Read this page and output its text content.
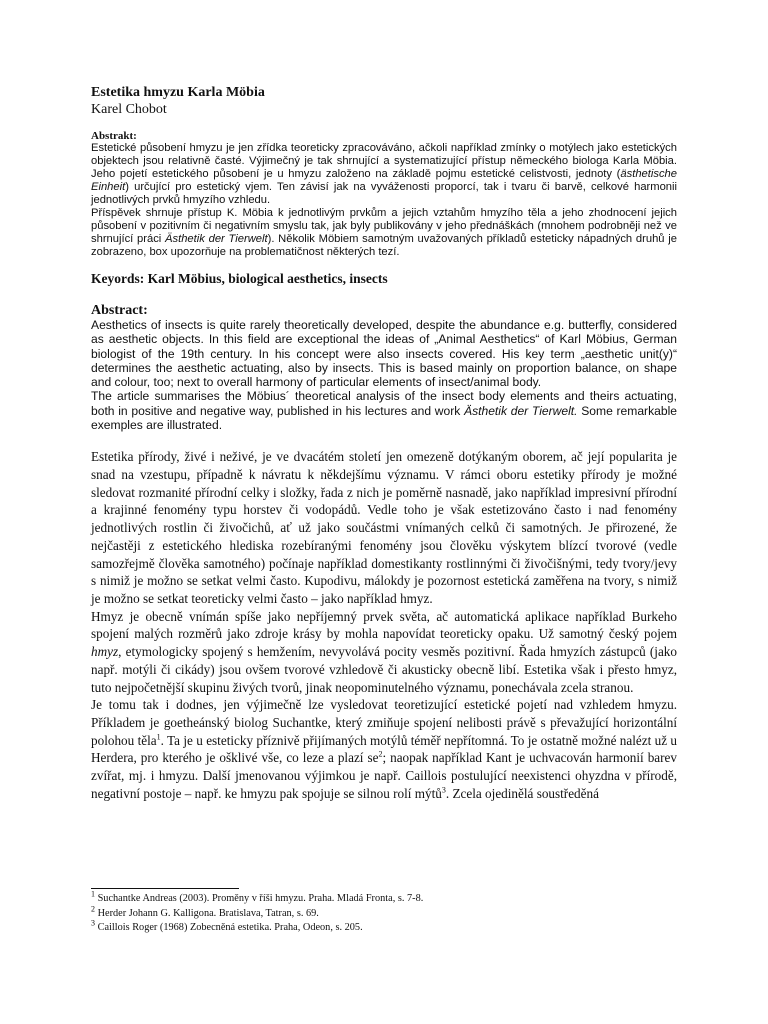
Estetika hmyzu Karla Möbia
Karel Chobot
Abstrakt:

Estetické působení hmyzu je jen zřídka teoreticky zpracováváno, ačkoli například zmínky o motýlech jako estetických objektech jsou relativně časté. Výjimečný je tak shrnující a systematizující přístup německého biologa Karla Möbia. Jeho pojetí estetického působení je u hmyzu založeno na základě pojmu estetické celistvosti, jednoty (ästhetische Einheit) určující pro estetický vjem. Ten závisí jak na vyváženosti proporcí, tak i tvaru či barvě, celkové harmonii jednotlivých prvků hmyzího vzhledu.

Příspěvek shrnuje přístup K. Möbia k jednotlivým prvkům a jejich vztahům hmyzího těla a jeho zhodnocení jejich působení v pozitivním či negativním smyslu tak, jak byly publikovány v jeho přednáškách (mnohem podrobněji než ve shrnující práci Ästhetik der Tierwelt). Několik Möbiem samotným uvažovaných příkladů esteticky nápadných druhů je zobrazeno, box upozorňuje na problematičnost některých tezí.

Keyords: Karl Möbius, biological aesthetics, insects
Abstract:

Aesthetics of insects is quite rarely theoretically developed, despite the abundance e.g. butterfly, considered as aesthetic objects. In this field are exceptional the ideas of „Animal Aesthetics“ of Karl Möbius, German biologist of the 19th century. In his concept were also insects covered. His key term „aesthetic unit(y)“ determines the aesthetic actuating, also by insects. This is based mainly on proportion balance, on shape and colour, too; next to overall harmony of particular elements of insect/animal body.

The article summarises the Möbius´ theoretical analysis of the insect body elements and theirs actuating, both in positive and negative way, published in his lectures and work Ästhetik der Tierwelt. Some remarkable exemples are illustrated.

Estetika přírody, živé i neživé, je ve dvacátém století jen omezeně dotýkaným oborem, ač její popularita je snad na vzestupu, případně k návratu k někdejšímu významu. V rámci oboru estetiky přírody je možné sledovat rozmanité přírodní celky i složky, řada z nich je poměrně nasnadě, jako například impresivní přírodní a krajinné fenomény typu horstev či vodopádů. Vedle toho je však estetizováno často i nad fenomény jednotlivých rostlin či živočichů, ať už jako součástmi vnímaných celků či samotných. Je přirozené, že nejčastěji z estetického hlediska rozebíranými fenomény jsou člověku výskytem blízcí tvorové (vedle samozřejmě člověka samotného) počínaje například domestikanty rostlinnými či živočišnými, tedy tvory/jevy s nimiž je možno se setkat velmi často. Kupodivu, málokdy je pozornost estetická zaměřena na tvory, s nimiž je možno se setkat teoreticky velmi často – jako například hmyz.

Hmyz je obecně vnímán spíše jako nepříjemný prvek světa, ač automatická aplikace například Burkeho spojení malých rozměrů jako zdroje krásy by mohla napovídat teoreticky opaku. Už samotný český pojem hmyz, etymologicky spojený s hemžením, nevyvolává pocity vesměs pozitivní. Řada hmyzích zástupců (jako např. motýli či cikády) jsou ovšem tvorové vzhledově či akusticky obecně libí. Estetika však i přesto hmyz, tuto nejpočetnější skupinu živých tvorů, jinak neopominutelného významu, ponechávala zcela stranou.

Je tomu tak i dodnes, jen výjimečně lze vysledovat teoretizující estetické pojetí nad vzhledem hmyzu. Příkladem je goetheánský biolog Suchantke, který zmiňuje spojení nelibosti právě s převažující horizontální polohou těla$^1$. Ta je u esteticky příznivě přijímaných motýlů téměř nepřítomná. To je ostatně možné nalézt už u Herdera, pro kterého je ošklivé vše, co leze a plazí $se^2$; naopak například Kant je uchvacován harmonií barev zvířat, mj. i hmyzu. Další jmenovanou výjimkou je např. Caillois postulující neexistenci ohyzdna v přírodě, negativní postoje – např. ke hmyzu pak spojuje se silnou rolí mýtů$^3$. Zcela ojedinělá soustředěná

$^1$ Suchantke Andreas (2003). Proměny v říši hmyzu. Praha. Mladá Fronta, s. 7-8.

$^2$ Herder Johann G. Kalligona. Bratislava, Tatran, s. 69.

$^3$ Caillois Roger (1968) Zobecněná estetika. Praha, Odeon, s. 205.
